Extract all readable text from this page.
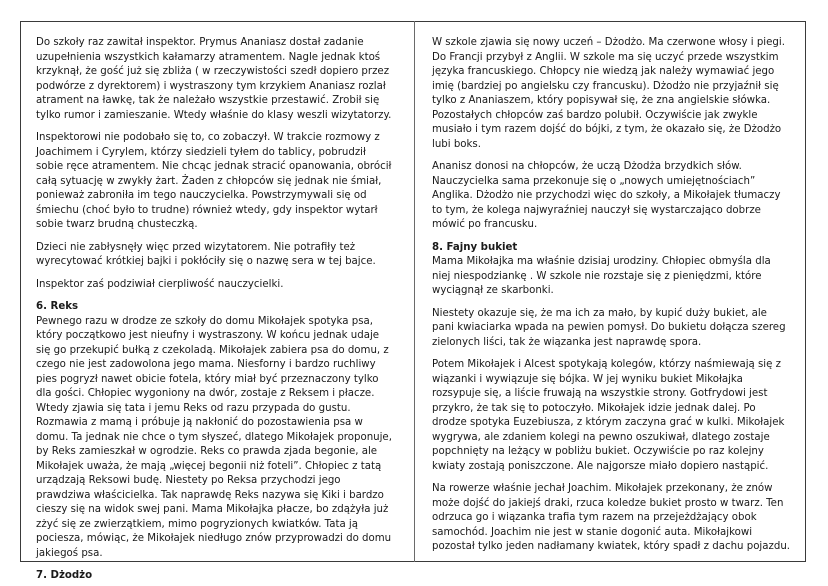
Do szkoły raz zawitał inspektor. Prymus Ananiasz dostał zadanie uzupełnienia wszystkich kałamarzy atramentem. Nagle jednak ktoś krzyknął, że gość już się zbliża ( w rzeczywistości szedł dopiero przez podwórze z dyrektorem) i wystraszony tym krzykiem Ananiasz rozlał atrament na ławkę, tak że należało wszystkie przestawić. Zrobił się tylko rumor i zamieszanie. Wtedy właśnie do klasy weszli wizytatorzy.

Inspektorowi nie podobało się to, co zobaczył. W trakcie rozmowy z Joachimem i Cyrylem, którzy siedzieli tyłem do tablicy, pobrudził sobie ręce atramentem. Nie chcąc jednak stracić opanowania, obrócił całą sytuację w zwykły żart. Żaden z chłopców się jednak nie śmiał, ponieważ zabroniła im tego nauczycielka. Powstrzymywali się od śmiechu (choć było to trudne) również wtedy, gdy inspektor wytarł sobie twarz brudną chusteczką.

Dzieci nie zabłysnęły więc przed wizytatorem. Nie potrafiły też wyrecytować krótkiej bajki i pokłóciły się o nazwę sera w tej bajce.

Inspektor zaś podziwiał cierpliwość nauczycielki.

6. Reks

Pewnego razu w drodze ze szkoły do domu Mikołajek spotyka psa, który początkowo jest nieufny i wystraszony. W końcu jednak udaje się go przekupić bułką z czekoladą. Mikołajek zabiera psa do domu, z czego nie jest zadowolona jego mama. Niesforny i bardzo ruchliwy pies pogryzł nawet obicie fotela, który miał być przeznaczony tylko dla gości. Chłopiec wygoniony na dwór, zostaje z Reksem i płacze. Wtedy zjawia się tata i jemu Reks od razu przypada do gustu. Rozmawia z mamą i próbuje ją nakłonić do pozostawienia psa w domu. Ta jednak nie chce o tym słyszeć, dlatego Mikołajek proponuje, by Reks zamieszkał w ogrodzie. Reks co prawda zjada begonie, ale Mikołajek uważa, że mają „więcej begonii niż foteli”. Chłopiec z tatą urządzają Reksowi budę. Niestety po Reksa przychodzi jego prawdziwa właścicielka. Tak naprawdę Reks nazywa się Kiki i bardzo cieszy się na widok swej pani. Mama Mikołajka płacze, bo zdążyła już zżyć się ze zwierzątkiem, mimo pogryzionych kwiatków. Tata ją pociesza, mówiąc, że Mikołajek niedługo znów przyprowadzi do domu jakiegoś psa.

7. Dżodżo

W szkole zjawia się nowy uczeń – Dżodżo. Ma czerwone włosy i piegi. Do Francji przybył z Anglii. W szkole ma się uczyć przede wszystkim języka francuskiego. Chłopcy nie wiedzą jak należy wymawiać jego imię (bardziej po angielsku czy francusku). Dżodżo nie przyjaźnił się tylko z Ananiaszem, który popisywał się, że zna angielskie słówka. Pozostałych chłopców zaś bardzo polubił. Oczywiście jak zwykle musiało i tym razem dojść do bójki, z tym, że okazało się, że Dżodżo lubi boks.

Ananisz donosi na chłopców, że uczą Dżodża brzydkich słów. Nauczycielka sama przekonuje się o „nowych umiejętnościach” Anglika. Dżodżo nie przychodzi więc do szkoły, a Mikołajek tłumaczy to tym, że kolega najwyraźniej nauczył się wystarczająco dobrze mówić po francusku.

8. Fajny bukiet

Mama Mikołajka ma właśnie dzisiaj urodziny. Chłopiec obmyśla dla niej niespodziankę . W szkole nie rozstaje się z pieniędzmi, które wyciągnął ze skarbonki.

Niestety okazuje się, że ma ich za mało, by kupić duży bukiet, ale pani kwiaciarka wpada na pewien pomysł. Do bukietu dołącza szereg zielonych liści, tak że wiązanka jest naprawdę spora.

Potem Mikołajek i Alcest spotykają kolegów, którzy naśmiewają się z wiązanki i wywiązuje się bójka. W jej wyniku bukiet Mikołajka rozsypuje się, a liście fruwają na wszystkie strony. Gotfrydowi jest przykro, że tak się to potoczyło. Mikołajek idzie jednak dalej. Po drodze spotyka Euzebiusza, z którym zaczyna grać w kulki. Mikołajek wygrywa, ale zdaniem kolegi na pewno oszukiwał, dlatego zostaje popchnięty na leżący w pobliżu bukiet. Oczywiście po raz kolejny kwiaty zostają poniszczone. Ale najgorsze miało dopiero nastąpić.

Na rowerze właśnie jechał Joachim. Mikołajek przekonany, że znów może dojść do jakiejś draki, rzuca koledze bukiet prosto w twarz. Ten odrzuca go i wiązanka trafia tym razem na przejeżdżający obok samochód. Joachim nie jest w stanie dogonić auta. Mikołajkowi pozostał tylko jeden nadłamany kwiatek, który spadł z dachu pojazdu.
